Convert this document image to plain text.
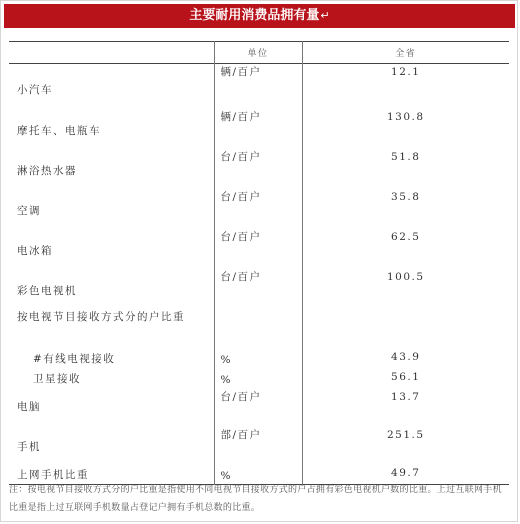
主要耐用消费品拥有量↵
	单位	全省
小汽车	辆/百户	12.1
摩托车、电瓶车	辆/百户	130.8
淋浴热水器	台/百户	51.8
空调	台/百户	35.8
电冰箱	台/百户	62.5
彩色电视机	台/百户	100.5
按电视节目接收方式分的户比重		
#有线电视接收	%	43.9
卫星接收	%	56.1
电脑	台/百户	13.7
手机	部/百户	251.5
上网手机比重	%	49.7
注：按电视节目接收方式分的户比重是指使用不同电视节目接收方式的户占拥有彩色电视机户数的比重。上过互联网手机比重是指上过互联网手机数量占登记户拥有手机总数的比重。
